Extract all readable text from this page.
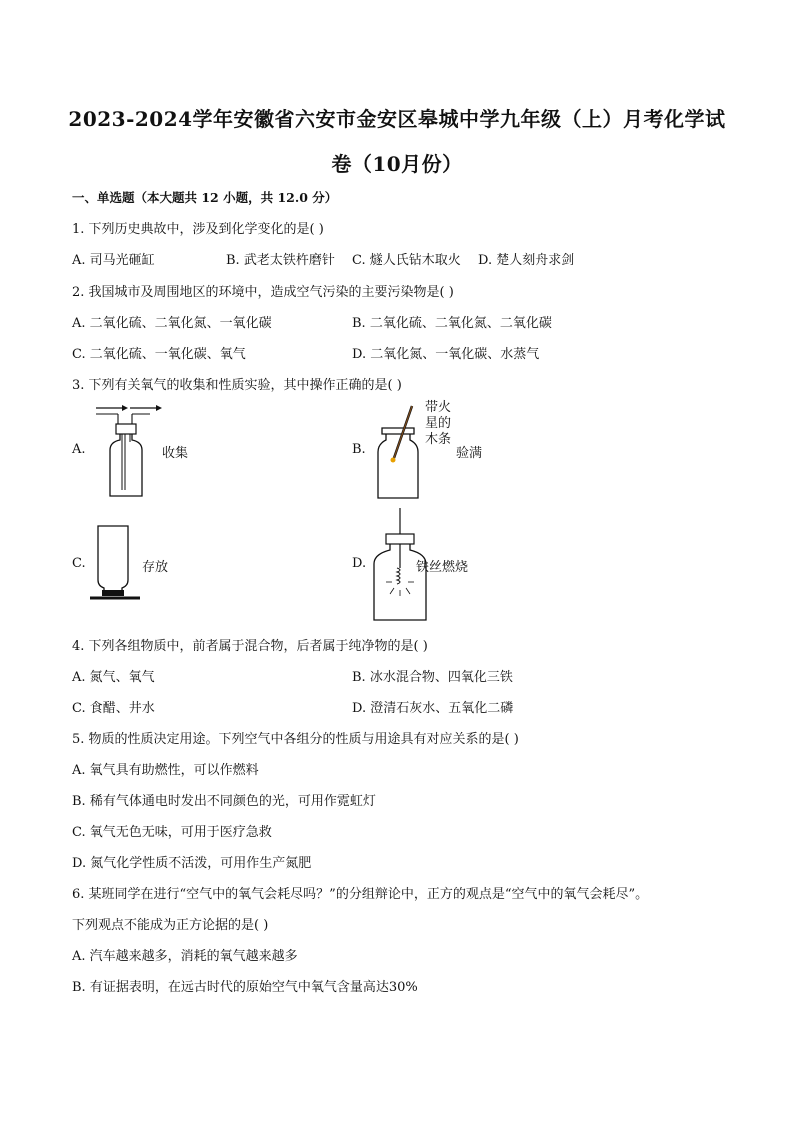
2023-2024学年安徽省六安市金安区皋城中学九年级（上）月考化学试
卷（10月份）
一、单选题（本大题共 12 小题，共 12.0 分）
1. 下列历史典故中，涉及到化学变化的是( )
A. 司马光砸缸	B. 武老太铁杵磨针 C. 燧人氏钻木取火 D. 楚人刻舟求剑
2. 我国城市及周围地区的环境中，造成空气污染的主要污染物是( )
A. 二氧化硫、二氧化氮、一氧化碳	B. 二氧化硫、二氧化氮、二氧化碳
C. 二氧化硫、一氧化碳、氧气	D. 二氧化氮、一氧化碳、水蒸气
3. 下列有关氧气的收集和性质实验，其中操作正确的是( )
A.	收集	B.
带火
星的
木条
验满
C.	存放	D.	铁丝燃烧
4. 下列各组物质中，前者属于混合物，后者属于纯净物的是( )
A. 氮气、氧气	B. 冰水混合物、四氧化三铁
C. 食醋、井水	D. 澄清石灰水、五氧化二磷
5. 物质的性质决定用途。下列空气中各组分的性质与用途具有对应关系的是( )
A. 氧气具有助燃性，可以作燃料
B. 稀有气体通电时发出不同颜色的光，可用作霓虹灯
C. 氧气无色无味，可用于医疗急救
D. 氮气化学性质不活泼，可用作生产氮肥
6. 某班同学在进行“空气中的氧气会耗尽吗？”的分组辩论中，正方的观点是“空气中的氧气会耗尽”。
下列观点不能成为正方论据的是( )
A. 汽车越来越多，消耗的氧气越来越多
B. 有证据表明，在远古时代的原始空气中氧气含量高达30%
